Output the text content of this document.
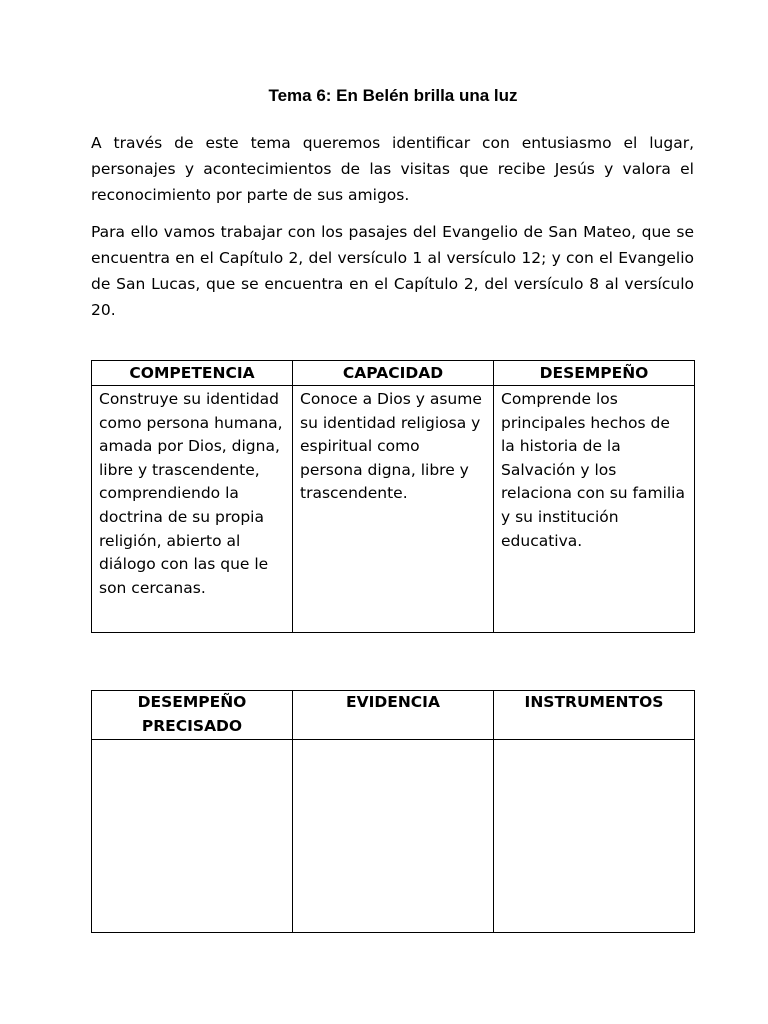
Tema 6: En Belén brilla una luz

A través de este tema queremos identificar con entusiasmo el lugar, personajes y acontecimientos de las visitas que recibe Jesús y valora el reconocimiento por parte de sus amigos.

Para ello vamos trabajar con los pasajes del Evangelio de San Mateo, que se encuentra en el Capítulo 2, del versículo 1 al versículo 12; y con el Evangelio de San Lucas, que se encuentra en el Capítulo 2, del versículo 8 al versículo 20.

COMPETENCIA	CAPACIDAD	DESEMPEÑO
Construye su identidad como persona humana, amada por Dios, digna, libre y trascendente, comprendiendo la doctrina de su propia religión, abierto al diálogo con las que le son cercanas.	Conoce a Dios y asume su identidad religiosa y espiritual como persona digna, libre y trascendente.	Comprende los principales hechos de la historia de la Salvación y los relaciona con su familia y su institución educativa.
DESEMPEÑO PRECISADO	EVIDENCIA	INSTRUMENTOS
